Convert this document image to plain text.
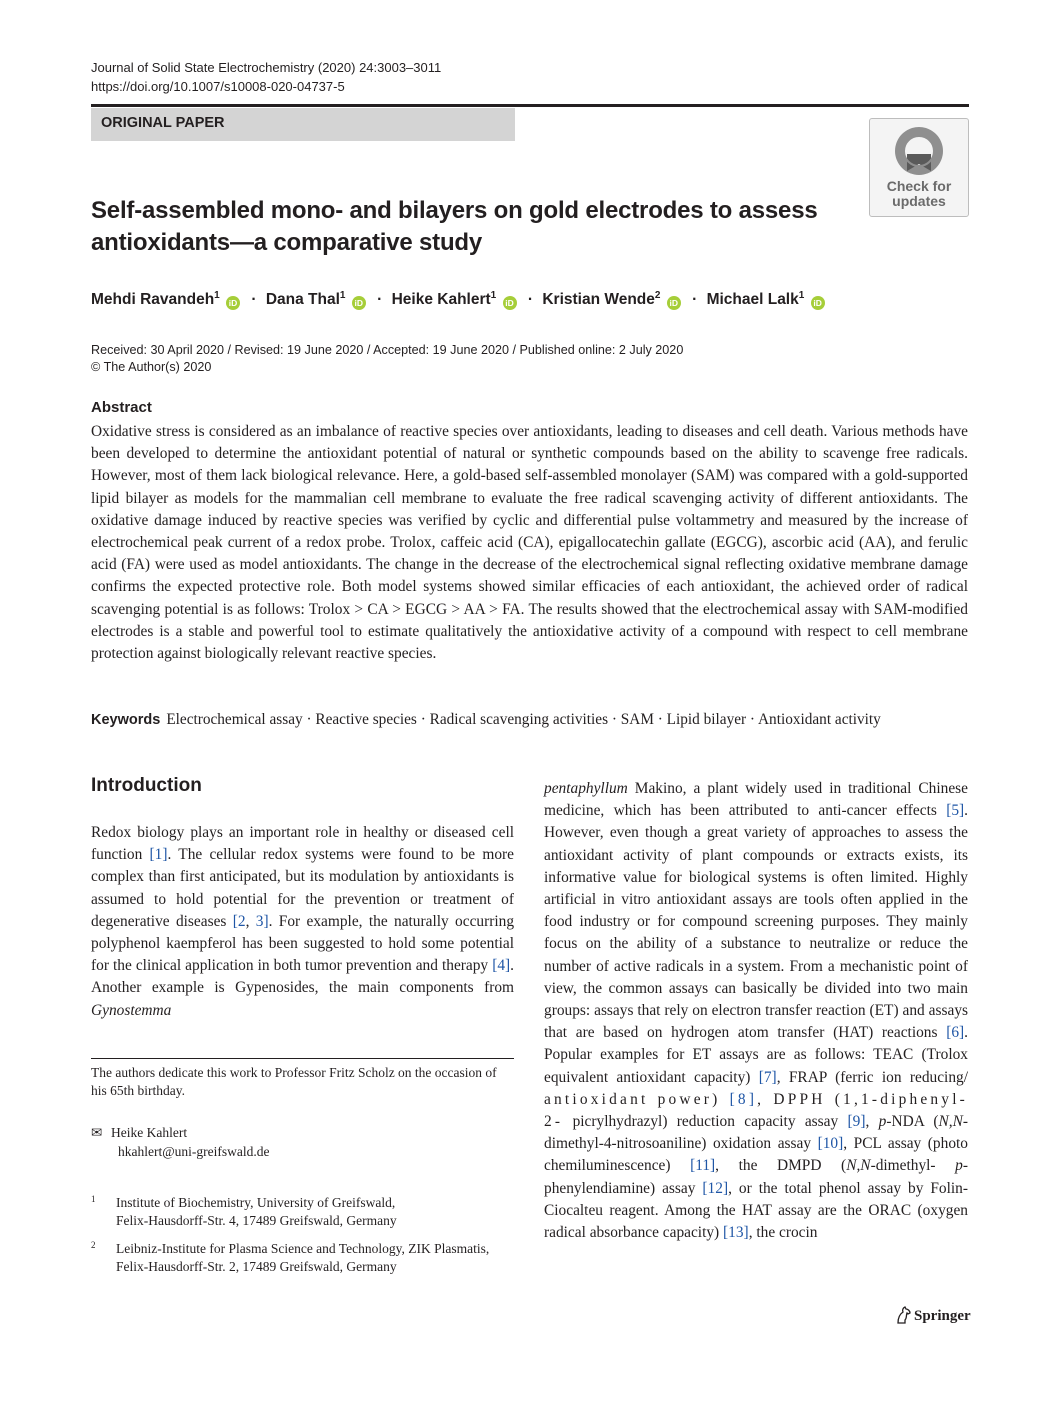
Journal of Solid State Electrochemistry (2020) 24:3003–3011
https://doi.org/10.1007/s10008-020-04737-5
ORIGINAL PAPER
Check for
updates
Self-assembled mono- and bilayers on gold electrodes to assess
antioxidants—a comparative study
Mehdi Ravandeh$^1$ iD · Dana Thal$^1$ iD · Heike Kahlert$^1$ iD · Kristian Wende$^2$ iD · Michael Lalk$^1$ iD
Received: 30 April 2020 / Revised: 19 June 2020 / Accepted: 19 June 2020 / Published online: 2 July 2020
© The Author(s) 2020
Abstract
Oxidative stress is considered as an imbalance of reactive species over antioxidants, leading to diseases and cell death. Various methods have been developed to determine the antioxidant potential of natural or synthetic compounds based on the ability to scavenge free radicals. However, most of them lack biological relevance. Here, a gold-based self-assembled monolayer (SAM) was compared with a gold-supported lipid bilayer as models for the mammalian cell membrane to evaluate the free radical scavenging activity of different antioxidants. The oxidative damage induced by reactive species was verified by cyclic and differential pulse voltammetry and measured by the increase of electrochemical peak current of a redox probe. Trolox, caffeic acid (CA), epigallocatechin gallate (EGCG), ascorbic acid (AA), and ferulic acid (FA) were used as model antioxidants. The change in the decrease of the electrochemical signal reflecting oxidative membrane damage confirms the expected protective role. Both model systems showed similar efficacies of each antioxidant, the achieved order of radical scavenging potential is as follows: Trolox > CA > EGCG > AA > FA. The results showed that the electrochemical assay with SAM-modified electrodes is a stable and powerful tool to estimate qualitatively the antioxidative activity of a compound with respect to cell membrane protection against biologically relevant reactive species.
Keywords Electrochemical assay · Reactive species · Radical scavenging activities · SAM · Lipid bilayer · Antioxidant activity
Introduction
Redox biology plays an important role in healthy or diseased cell function [1]. The cellular redox systems were found to be more complex than first anticipated, but its modulation by antioxidants is assumed to hold potential for the prevention or treatment of degenerative diseases [2, 3]. For example, the naturally occurring polyphenol kaempferol has been suggested to hold some potential for the clinical application in both tumor prevention and therapy [4]. Another example is Gypenosides, the main components from Gynostemma
pentaphyllum Makino, a plant widely used in traditional Chinese medicine, which has been attributed to anti-cancer effects [5]. However, even though a great variety of approaches to assess the antioxidant activity of plant compounds or extracts exists, its informative value for biological systems is often limited. Highly artificial in vitro antioxidant assays are tools often applied in the food industry or for compound screening purposes. They mainly focus on the ability of a substance to neutralize or reduce the number of active radicals in a system. From a mechanistic point of view, the common assays can basically be divided into two main groups: assays that rely on electron transfer reaction (ET) and assays that are based on hydrogen atom transfer (HAT) reactions [6]. Popular examples for ET assays are as follows: TEAC (Trolox equivalent antioxidant capacity) [7], FRAP (ferric ion reducing/ antioxidant power) [8], DPPH (1,1-diphenyl-2- picrylhydrazyl) reduction capacity assay [9], p-NDA (N,N-dimethyl-4-nitrosoaniline) oxidation assay [10], PCL assay (photo chemiluminescence) [11], the DMPD (N,N-dimethyl- p-phenylendiamine) assay [12], or the total phenol assay by Folin-Ciocalteu reagent. Among the HAT assay are the ORAC (oxygen radical absorbance capacity) [13], the crocin
The authors dedicate this work to Professor Fritz Scholz on the occasion of his 65th birthday.
✉ Heike Kahlert
hkahlert@uni-greifswald.de
1 Institute of Biochemistry, University of Greifswald,
Felix-Hausdorff-Str. 4, 17489 Greifswald, Germany
2 Leibniz-Institute for Plasma Science and Technology, ZIK Plasmatis,
Felix-Hausdorff-Str. 2, 17489 Greifswald, Germany
Springer
